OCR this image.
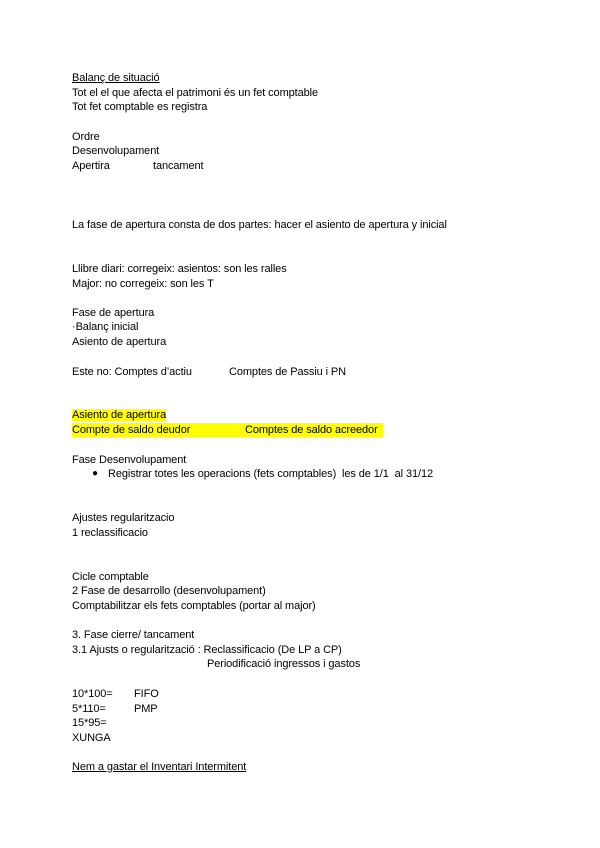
Balanç de situació
Tot el el que afecta el patrimoni és un fet comptable
Tot fet comptable es registra
Ordre
Desenvolupament
Apertira	tancament
La fase de apertura consta de dos partes: hacer el asiento de apertura y inicial
Llibre diari: corregeix: asientos: son les ralles
Major: no corregeix: son les T
Fase de apertura
·Balanç inicial
Asiento de apertura
Este no: Comptes d’actiu	Comptes de Passiu i PN
Asiento de apertura
Compte de saldo deudor	Comptes de saldo acreedor
Fase Desenvolupament
● Registrar totes les operacions (fets comptables)  les de 1/1  al 31/12
Ajustes regularitzacio
1 reclassificacio
Cicle comptable
2 Fase de desarrollo (desenvolupament)
Comptabilitzar els fets comptables (portar al major)
3. Fase cierre/ tancament
3.1 Ajusts o regularització : Reclassificacio (De LP a CP)
Periodificació ingressos i gastos
10*100= FIFO
5*110=	PMP
15*95=
XUNGA
Nem a gastar el Inventari Intermitent
